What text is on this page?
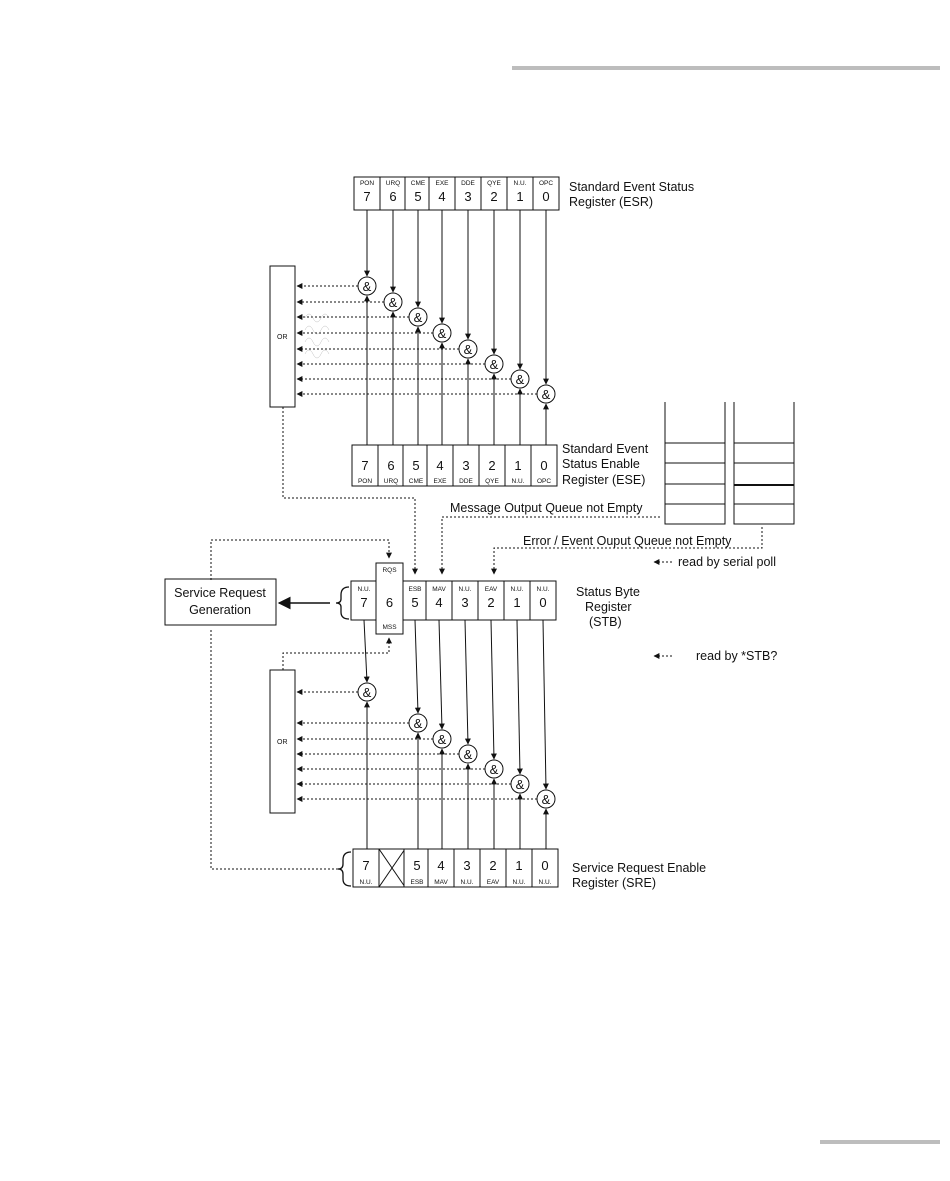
PON
7
URQ
6
CME
5
EXE
4
DDE
3
QYE
2
N.U.
1
OPC
0
7
PON
6
URQ
5
CME
4
EXE
3
DDE
2
QYE
1
N.U.
0
OPC
N.U.
7
ESB
5
MAV
4
N.U.
3
EAV
2
N.U.
1
N.U.
0
7
N.U.
5
ESB
4
MAV
3
N.U.
2
EAV
1
N.U.
0
N.U.
Standard Event Status
Register (ESR)
Standard Event
Status Enable
Register (ESE)
Status Byte
Register
(STB)
Service Request Enable
Register (SRE)
OR
OR
&
&
&
&
&
&
&
&
&
&
&
&
&
&
&
Message Output Queue not Empty
Error / Event Ouput Queue not Empty
read by serial poll
read by *STB?
Service Request
Generation
RQS
6
MSS
